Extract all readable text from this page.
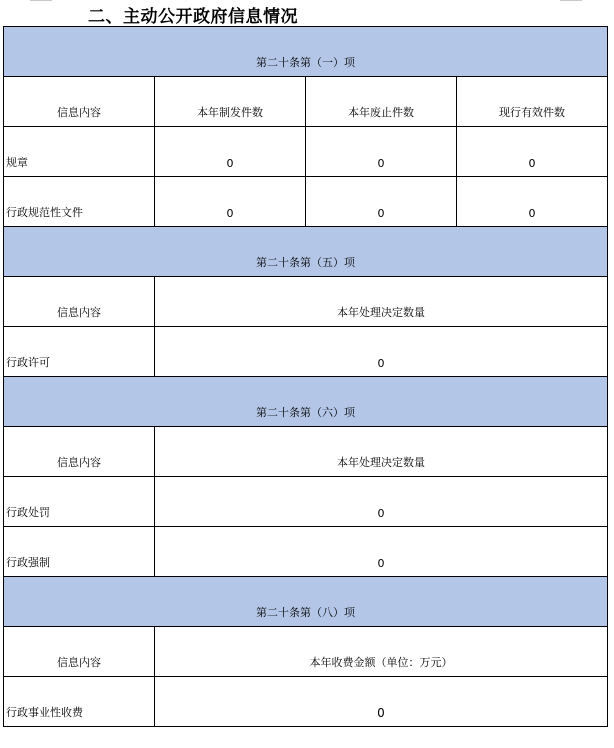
二、主动公开政府信息情况
第二十条第（一）项			
信息内容	本年制发件数	本年废止件数	现行有效件数
规章	0	0	0
行政规范性文件	0	0	0
第二十条第（五）项			
信息内容	本年处理决定数量		
行政许可	0		
第二十条第（六）项			
信息内容	本年处理决定数量		
行政处罚	0		
行政强制	0		
第二十条第（八）项			
信息内容	本年收费金额（单位：万元）		
行政事业性收费	0		
